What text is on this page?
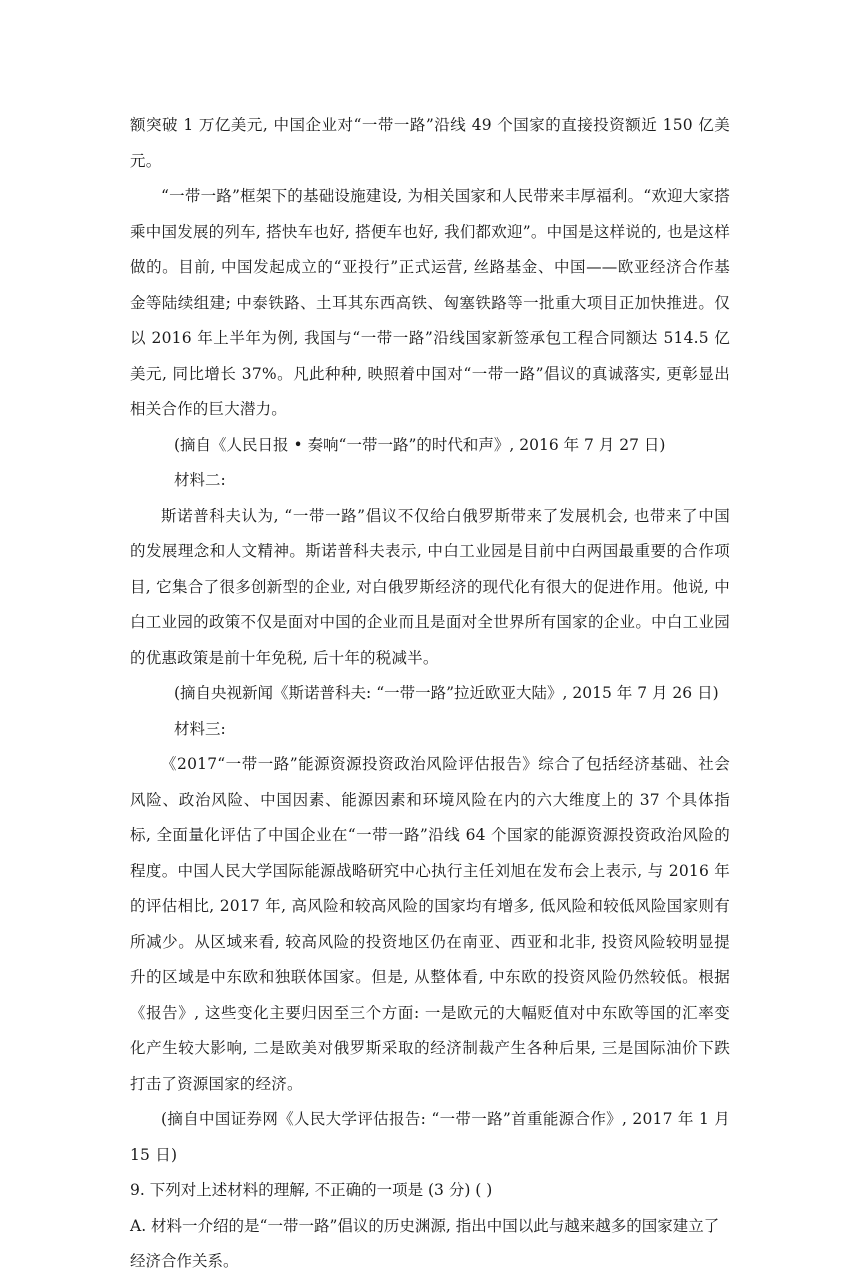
额突破 1 万亿美元, 中国企业对“一带一路”沿线 49 个国家的直接投资额近 150 亿美元。

“一带一路”框架下的基础设施建设, 为相关国家和人民带来丰厚福利。“欢迎大家搭乘中国发展的列车, 搭快车也好, 搭便车也好, 我们都欢迎”。中国是这样说的, 也是这样做的。目前, 中国发起成立的“亚投行”正式运营, 丝路基金、中国——欧亚经济合作基金等陆续组建; 中泰铁路、土耳其东西高铁、匈塞铁路等一批重大项目正加快推进。仅以 2016 年上半年为例, 我国与“一带一路”沿线国家新签承包工程合同额达 514.5 亿美元, 同比增长 37%。凡此种种, 映照着中国对“一带一路”倡议的真诚落实, 更彰显出相关合作的巨大潜力。

(摘自《人民日报 • 奏响“一带一路”的时代和声》, 2016 年 7 月 27 日)

材料二:

斯诺普科夫认为, “一带一路”倡议不仅给白俄罗斯带来了发展机会, 也带来了中国的发展理念和人文精神。斯诺普科夫表示, 中白工业园是目前中白两国最重要的合作项目, 它集合了很多创新型的企业, 对白俄罗斯经济的现代化有很大的促进作用。他说, 中白工业园的政策不仅是面对中国的企业而且是面对全世界所有国家的企业。中白工业园的优惠政策是前十年免税, 后十年的税减半。

(摘自央视新闻《斯诺普科夫: “一带一路”拉近欧亚大陆》, 2015 年 7 月 26 日)

材料三:

《2017“一带一路”能源资源投资政治风险评估报告》综合了包括经济基础、社会风险、政治风险、中国因素、能源因素和环境风险在内的六大维度上的 37 个具体指标, 全面量化评估了中国企业在“一带一路”沿线 64 个国家的能源资源投资政治风险的程度。中国人民大学国际能源战略研究中心执行主任刘旭在发布会上表示, 与 2016 年的评估相比, 2017 年, 高风险和较高风险的国家均有增多, 低风险和较低风险国家则有所减少。从区域来看, 较高风险的投资地区仍在南亚、西亚和北非, 投资风险较明显提升的区域是中东欧和独联体国家。但是, 从整体看, 中东欧的投资风险仍然较低。根据《报告》, 这些变化主要归因至三个方面: 一是欧元的大幅贬值对中东欧等国的汇率变化产生较大影响, 二是欧美对俄罗斯采取的经济制裁产生各种后果, 三是国际油价下跌打击了资源国家的经济。

(摘自中国证券网《人民大学评估报告: “一带一路”首重能源合作》, 2017 年 1 月 15 日)

9. 下列对上述材料的理解, 不正确的一项是 (3 分) ( )

A. 材料一介绍的是“一带一路”倡议的历史渊源, 指出中国以此与越来越多的国家建立了经济合作关系。
